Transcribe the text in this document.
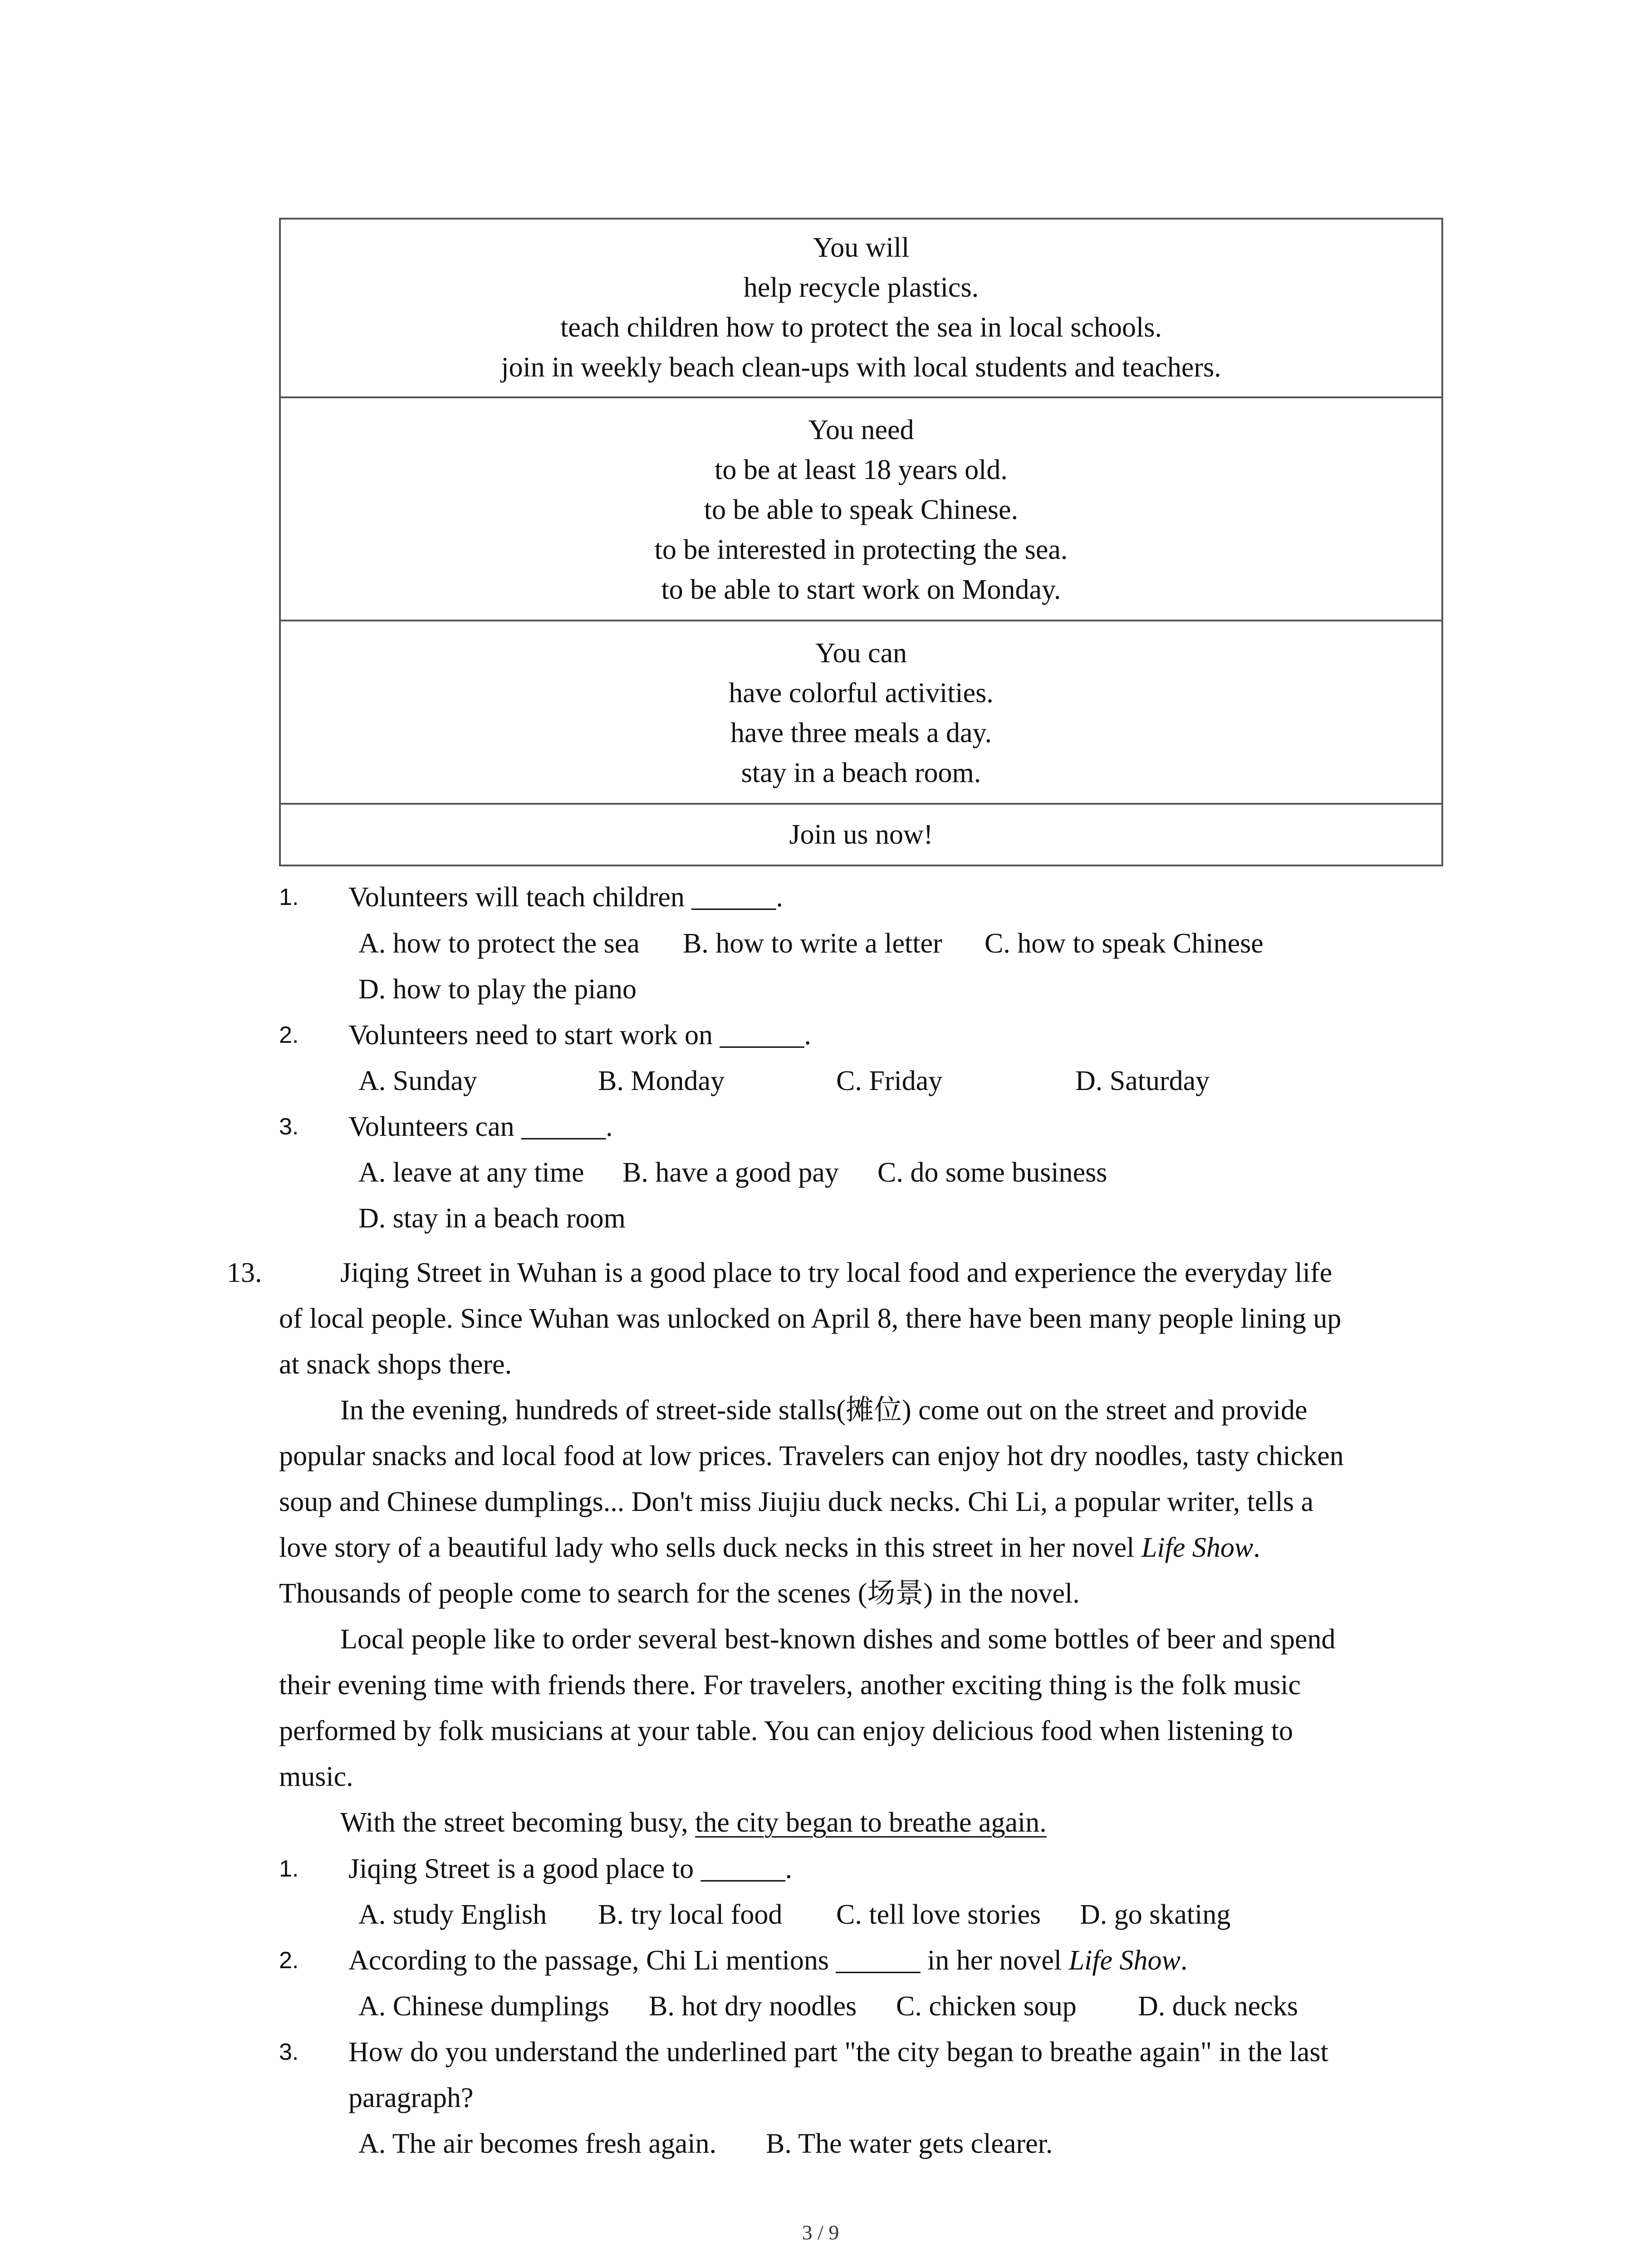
You will
help recycle plastics.
teach children how to protect the sea in local schools.
join in weekly beach clean-ups with local students and teachers.

You need
to be at least 18 years old.
to be able to speak Chinese.
to be interested in protecting the sea.
to be able to start work on Monday.

You can
have colorful activities.
have three meals a day.
stay in a beach room.

Join us now!
1.	Volunteers will teach children ______.
A. how to protect the sea B. how to write a letter C. how to speak Chinese
D. how to play the piano
2.	Volunteers need to start work on ______.
A. Sunday	B. Monday	C. Friday	D. Saturday
3.	Volunteers can ______.
A. leave at any time B. have a good pay C. do some business
D. stay in a beach room
13.	Jiqing Street in Wuhan is a good place to try local food and experience the everyday life
of local people. Since Wuhan was unlocked on April 8, there have been many people lining up
at snack shops there.
In the evening, hundreds of street-side stalls(摊位) come out on the street and provide
popular snacks and local food at low prices. Travelers can enjoy hot dry noodles, tasty chicken
soup and Chinese dumplings... Don't miss Jiujiu duck necks. Chi Li, a popular writer, tells a
love story of a beautiful lady who sells duck necks in this street in her novel Life Show.
Thousands of people come to search for the scenes (场景) in the novel.
Local people like to order several best-known dishes and some bottles of beer and spend
their evening time with friends there. For travelers, another exciting thing is the folk music
performed by folk musicians at your table. You can enjoy delicious food when listening to
music.
With the street becoming busy, the city began to breathe again.
1.	Jiqing Street is a good place to ______.
A. study English B. try local food C. tell love stories D. go skating
2.	According to the passage, Chi Li mentions ______ in her novel Life Show.
A. Chinese dumplings B. hot dry noodles C. chicken soup D. duck necks
3.	How do you understand the underlined part "the city began to breathe again" in the last
paragraph?
A. The air becomes fresh again. B. The water gets clearer.
3 / 9
